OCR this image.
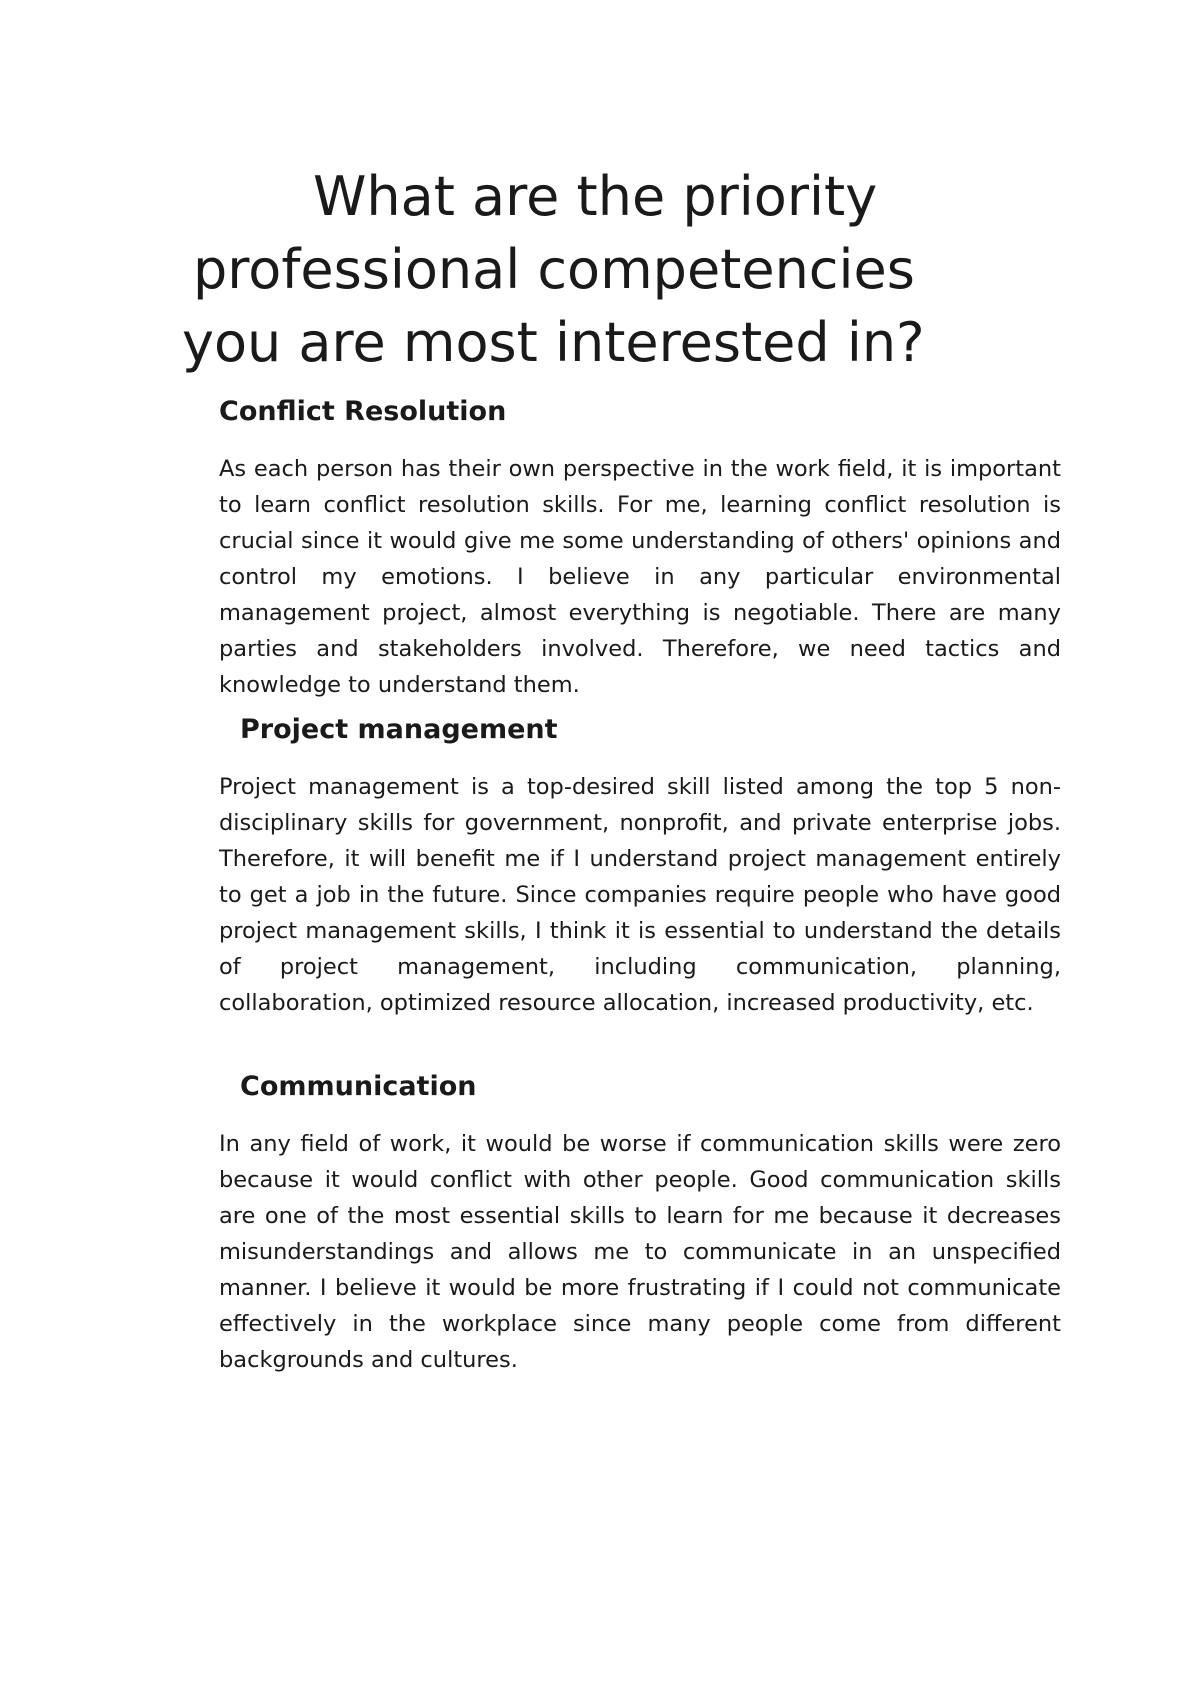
What are the priority
professional competencies
you are most interested in?
Conflict Resolution

As each person has their own perspective in the work field, it is important to learn conflict resolution skills. For me, learning conflict resolution is crucial since it would give me some understanding of others' opinions and control my emotions. I believe in any particular environmental management project, almost everything is negotiable. There are many parties and stakeholders involved. Therefore, we need tactics and knowledge to understand them.

Project management

Project management is a top-desired skill listed among the top 5 non-disciplinary skills for government, nonprofit, and private enterprise jobs. Therefore, it will benefit me if I understand project management entirely to get a job in the future. Since companies require people who have good project management skills, I think it is essential to understand the details of project management, including communication, planning, collaboration, optimized resource allocation, increased productivity, etc.

Communication

In any field of work, it would be worse if communication skills were zero because it would conflict with other people. Good communication skills are one of the most essential skills to learn for me because it decreases misunderstandings and allows me to communicate in an unspecified manner. I believe it would be more frustrating if I could not communicate effectively in the workplace since many people come from different backgrounds and cultures.
